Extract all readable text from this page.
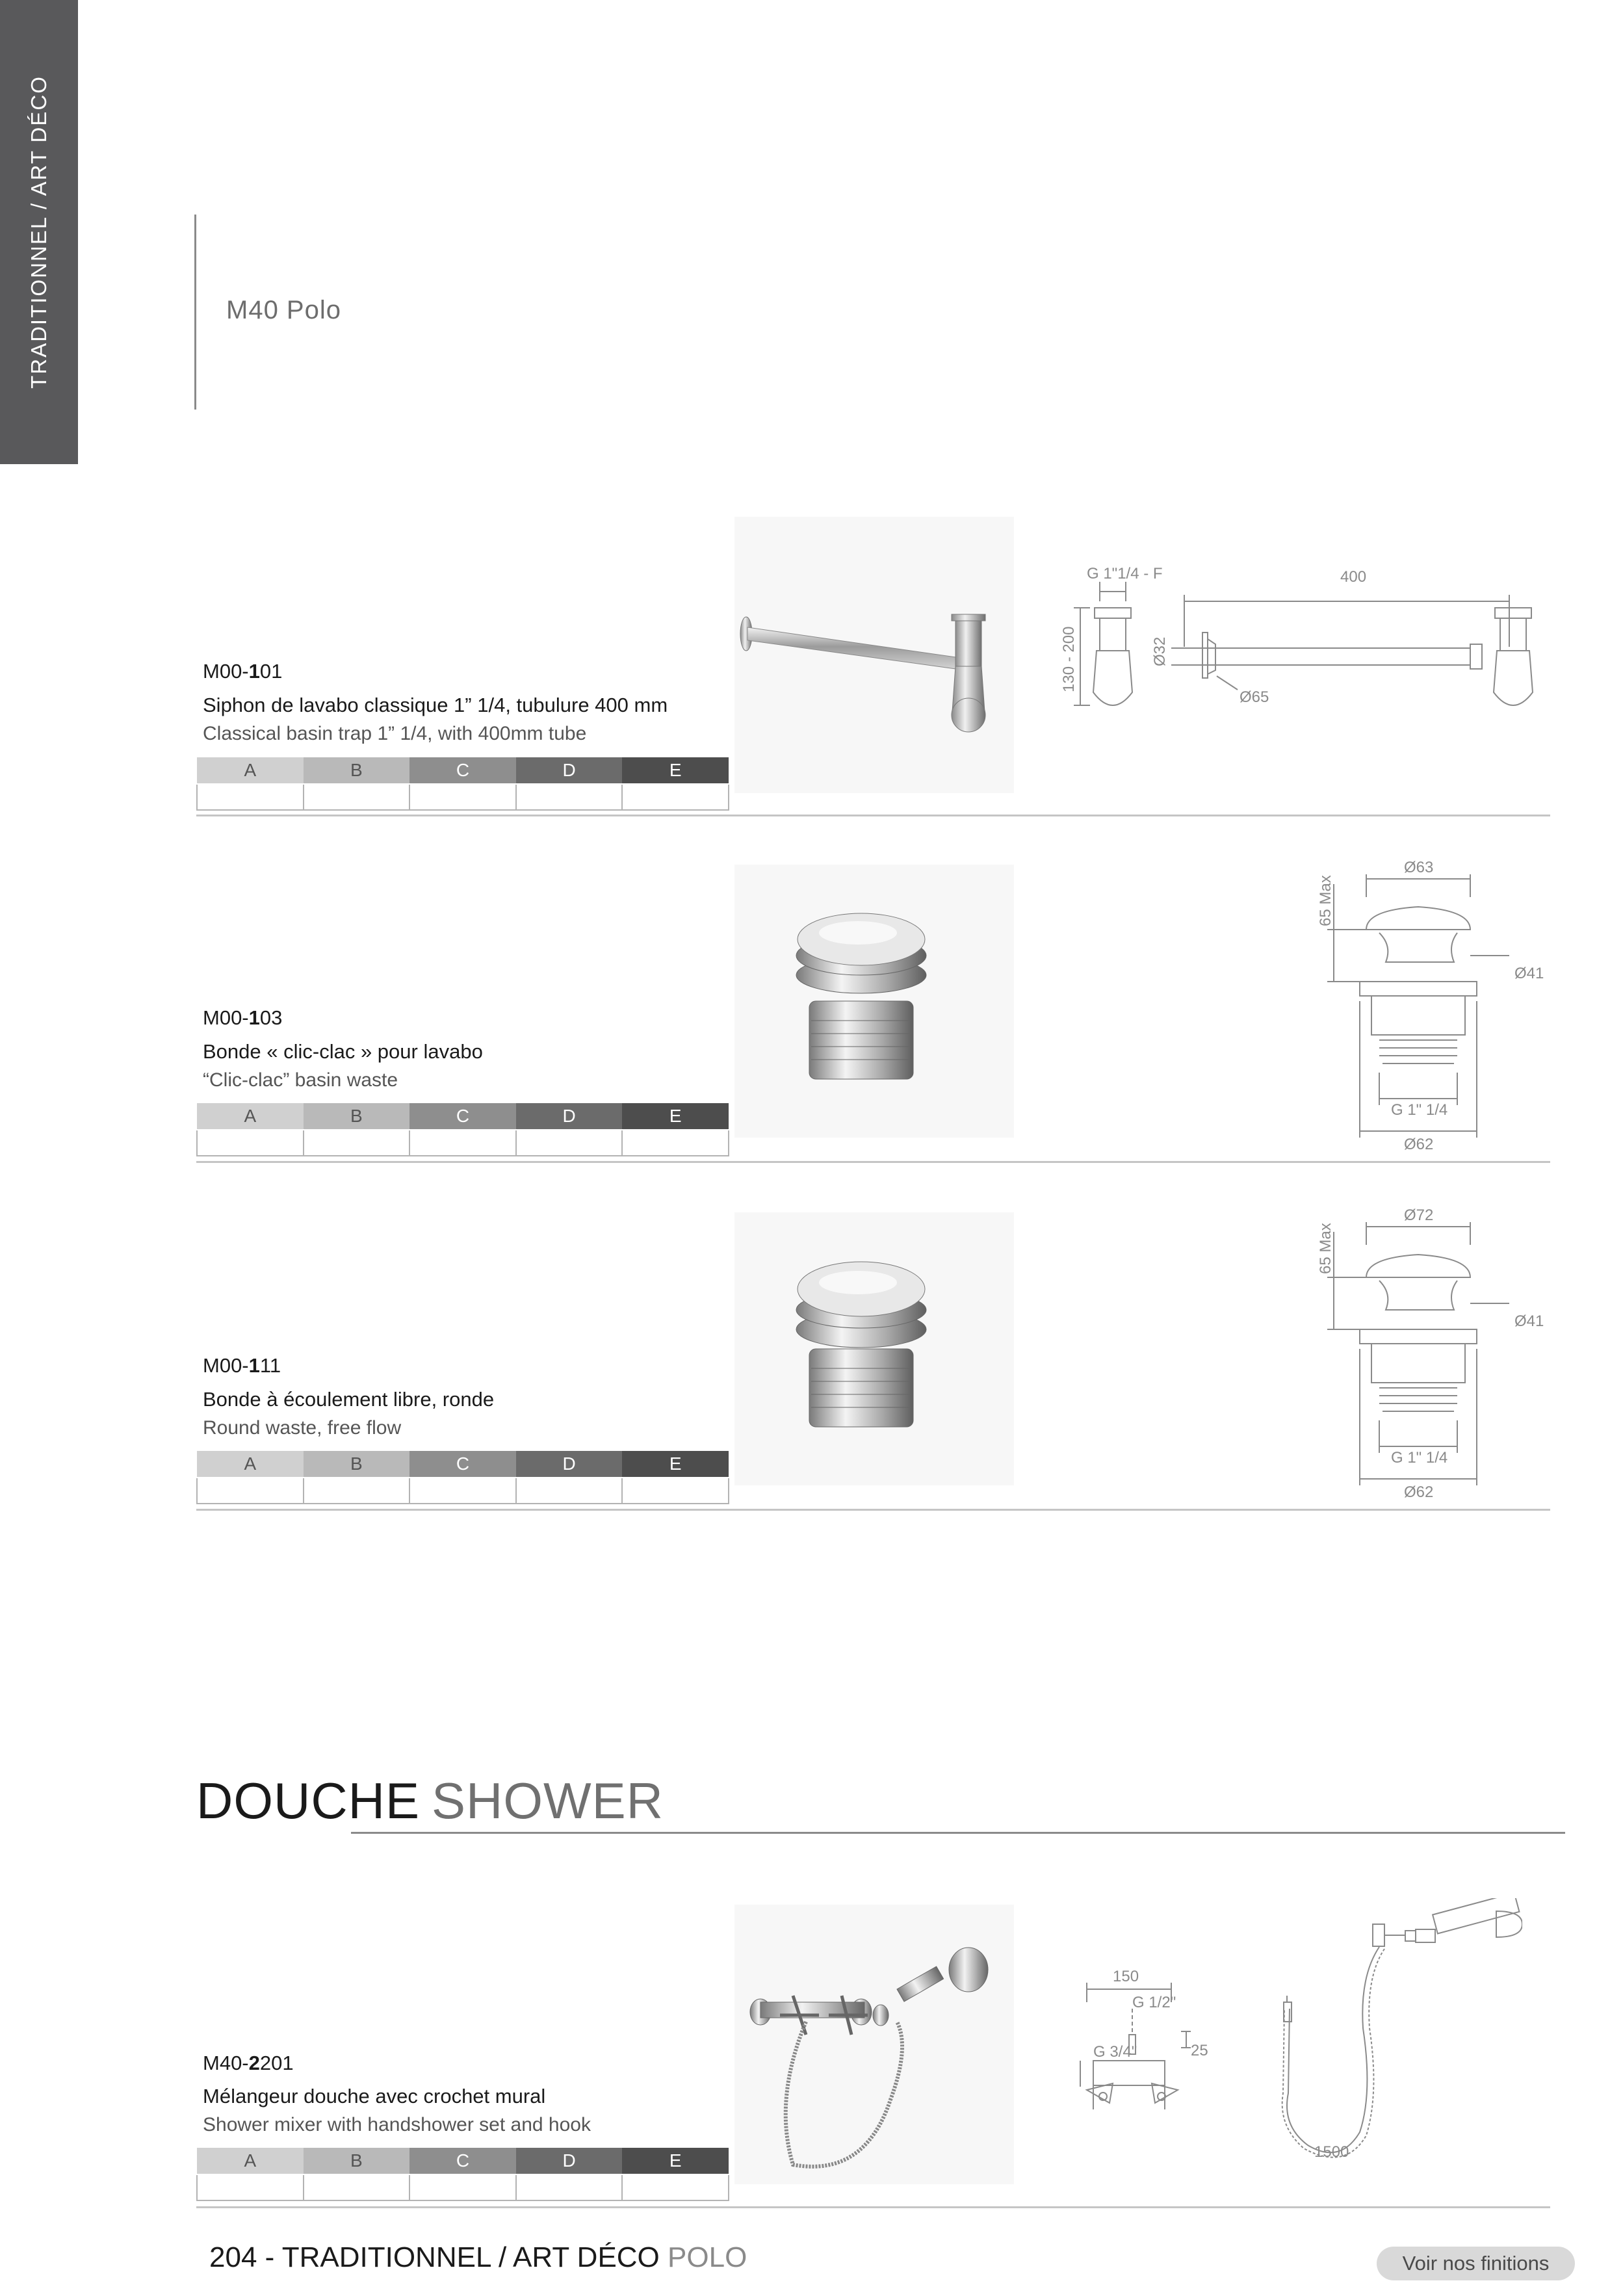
TRADITIONNEL / ART DÉCO	M40 Polo
M00-101
Siphon de lavabo classique 1” 1/4, tubulure 400 mm
Classical basin trap 1” 1/4, with 400mm tube
A	B	C	D	E

G 1"1/4 - F	400
130 - 200	Ø32
Ø65
M00-103
Bonde « clic-clac » pour lavabo
“Clic-clac” basin waste
A	B	C	D	E

Ø63
65 Max
Ø41
G 1" 1/4
Ø62
M00-111
Bonde à écoulement libre, ronde
Round waste, free flow
A	B	C	D	E

Ø72
65 Max
Ø41
G 1" 1/4
Ø62
DOUCHE SHOWER
M40-2201
Mélangeur douche avec crochet mural
Shower mixer with handshower set and hook
A	B	C	D	E

150
G 1/2"
G 3/4"	25
1500
204 - TRADITIONNEL / ART DÉCO POLO	Voir nos finitions
